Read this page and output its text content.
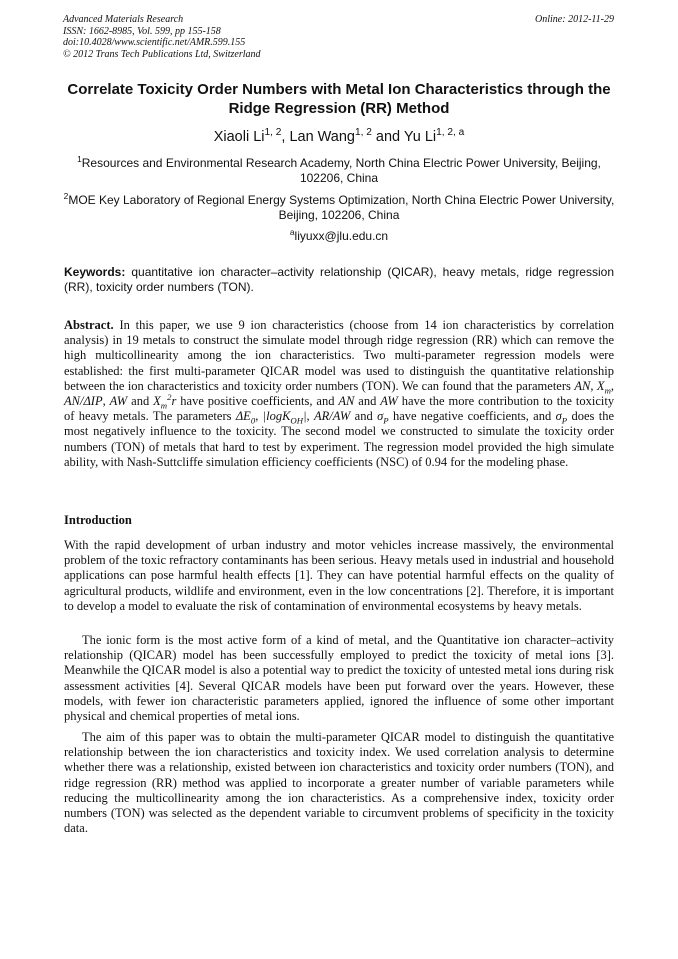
Advanced Materials Research
ISSN: 1662-8985, Vol. 599, pp 155-158
doi:10.4028/www.scientific.net/AMR.599.155
© 2012 Trans Tech Publications Ltd, Switzerland
Online: 2012-11-29
Correlate Toxicity Order Numbers with Metal Ion Characteristics through the Ridge Regression (RR) Method
Xiaoli Li$^{1, 2}$, Lan Wang$^{1, 2}$ and Yu Li$^{1, 2, a}$
$^1$Resources and Environmental Research Academy, North China Electric Power University, Beijing, 102206, China
$^2$MOE Key Laboratory of Regional Energy Systems Optimization, North China Electric Power University, Beijing, 102206, China
$^a$liyuxx@jlu.edu.cn
Keywords: quantitative ion character–activity relationship (QICAR), heavy metals, ridge regression (RR), toxicity order numbers (TON).

Abstract. In this paper, we use 9 ion characteristics (choose from 14 ion characteristics by correlation analysis) in 19 metals to construct the simulate model through ridge regression (RR) which can remove the high multicollinearity among the ion characteristics. Two multi-parameter regression models were established: the first multi-parameter QICAR model was used to distinguish the quantitative relationship between the ion characteristics and toxicity order numbers (TON). We can found that the parameters AN, $X_m$, AN/ΔIP, AW and $X_m^2r$ have positive coefficients, and AN and AW have the more contribution to the toxicity of heavy metals. The parameters $\Delta E_0$, |logK$_{OH}$|, AR/AW and $\sigma_P$ have negative coefficients, and $\sigma_P$ does the most negatively influence to the toxicity. The second model we constructed to simulate the toxicity order numbers (TON) of metals that hard to test by experiment. The regression model provided the high simulate ability, with Nash-Suttcliffe simulation efficiency coefficients (NSC) of 0.94 for the modeling phase.

Introduction

With the rapid development of urban industry and motor vehicles increase massively, the environmental problem of the toxic refractory contaminants has been serious. Heavy metals used in industrial and household applications can pose harmful health effects [1]. They can have potential harmful effects on the quality of agricultural products, wildlife and environment, even in the low concentrations [2]. Therefore, it is important to develop a model to evaluate the risk of contamination of environmental ecosystems by heavy metals.

The ionic form is the most active form of a kind of metal, and the Quantitative ion character–activity relationship (QICAR) model has been successfully employed to predict the toxicity of metal ions [3]. Meanwhile the QICAR model is also a potential way to predict the toxicity of untested metal ions during risk assessment activities [4]. Several QICAR models have been put forward over the years. However, these models, with fewer ion characteristic parameters applied, ignored the influence of some other important physical and chemical properties of metal ions.

The aim of this paper was to obtain the multi-parameter QICAR model to distinguish the quantitative relationship between the ion characteristics and toxicity index. We used correlation analysis to determine whether there was a relationship, existed between ion characteristics and toxicity order numbers (TON), and ridge regression (RR) method was applied to incorporate a greater number of variable parameters while reducing the multicollinearity among the ion characteristics. As a comprehensive index, toxicity order numbers (TON) was selected as the dependent variable to circumvent problems of specificity in the toxicity data.
